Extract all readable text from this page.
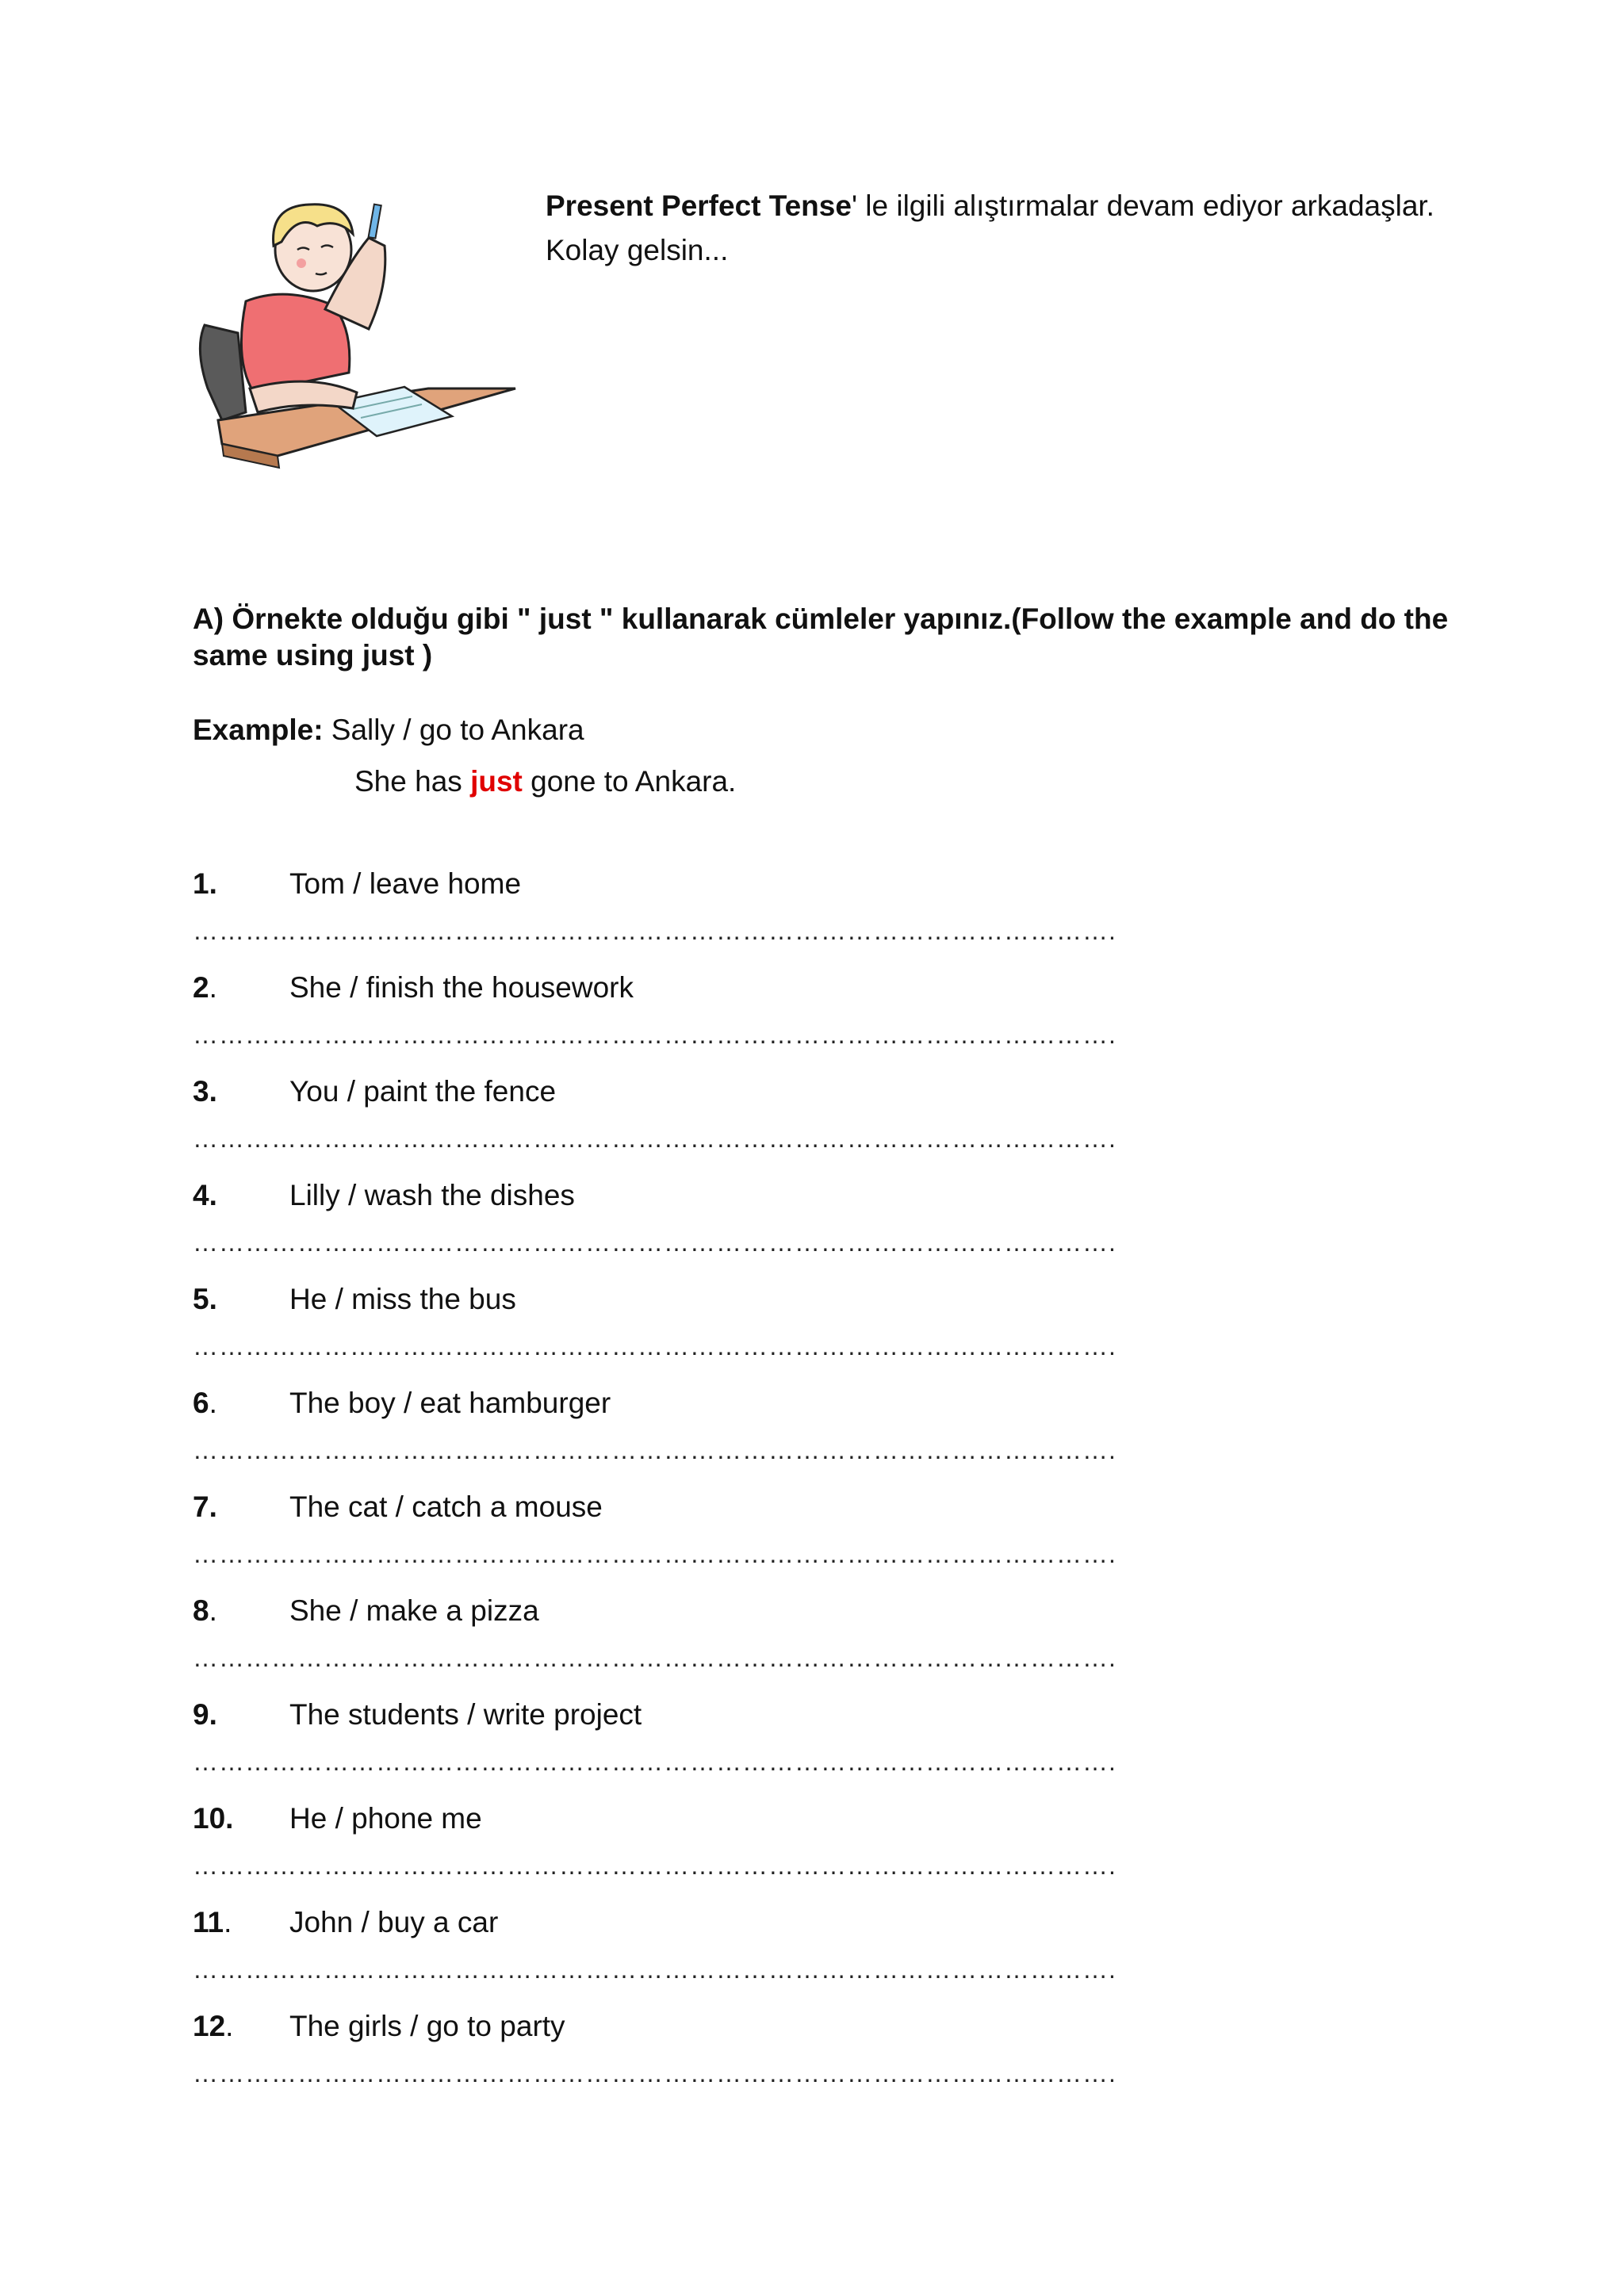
Present Perfect Tense' le ilgili alıştırmalar devam ediyor arkadaşlar. Kolay gelsin...

A) Örnekte olduğu gibi " just " kullanarak cümleler yapınız.(Follow the example and do the same using just )

Example: Sally / go to Ankara

She has just gone to Ankara.

1. Tom / leave home
…………………………………………………………………………………………….
2. She / finish the housework
…………………………………………………………………………………………….
3. You / paint the fence
…………………………………………………………………………………………….
4. Lilly / wash the dishes
…………………………………………………………………………………………….
5. He / miss the bus
…………………………………………………………………………………………….
6. The boy / eat hamburger
…………………………………………………………………………………………….
7. The cat / catch a mouse
…………………………………………………………………………………………….
8. She / make a pizza
…………………………………………………………………………………………….
9. The students / write project
…………………………………………………………………………………………….
10. He / phone me
…………………………………………………………………………………………….
11. John / buy a car
…………………………………………………………………………………………….
12. The girls / go to party
…………………………………………………………………………………………….
